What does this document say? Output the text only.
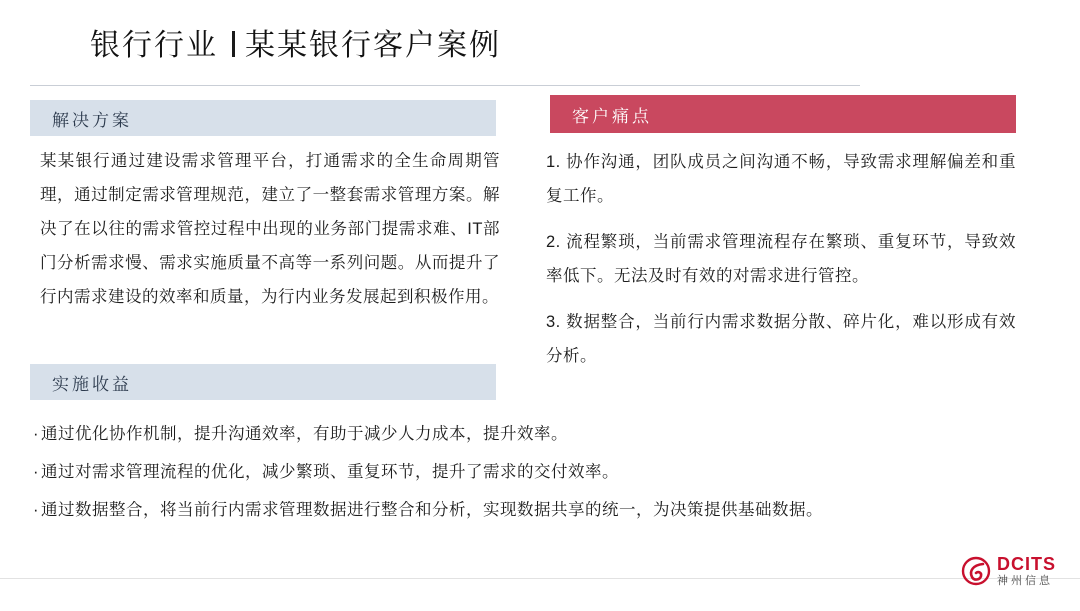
银行行业 某某银行客户案例
解决方案
某某银行通过建设需求管理平台，打通需求的全生命周期管理，通过制定需求管理规范，建立了一整套需求管理方案。解决了在以往的需求管控过程中出现的业务部门提需求难、IT部门分析需求慢、需求实施质量不高等一系列问题。从而提升了行内需求建设的效率和质量，为行内业务发展起到积极作用。
客户痛点
1. 协作沟通，团队成员之间沟通不畅，导致需求理解偏差和重复工作。
2. 流程繁琐，当前需求管理流程存在繁琐、重复环节，导致效率低下。无法及时有效的对需求进行管控。
3. 数据整合，当前行内需求数据分散、碎片化，难以形成有效分析。
实施收益
· 通过优化协作机制，提升沟通效率，有助于减少人力成本，提升效率。
· 通过对需求管理流程的优化，减少繁琐、重复环节，提升了需求的交付效率。
· 通过数据整合，将当前行内需求管理数据进行整合和分析，实现数据共享的统一，为决策提供基础数据。
DCITS
神州信息
